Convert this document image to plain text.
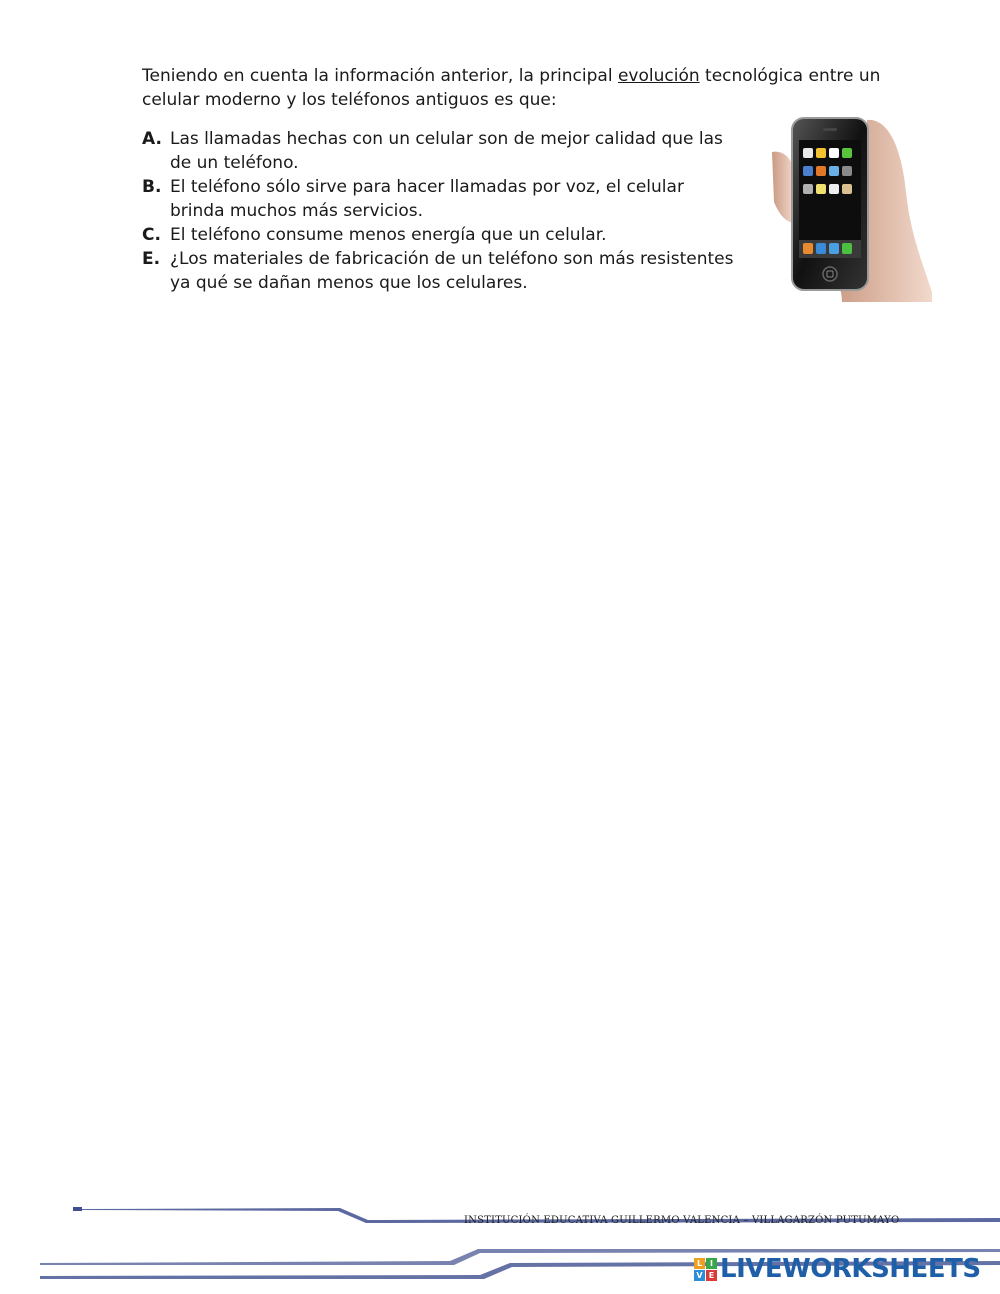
Teniendo en cuenta la información anterior, la principal evolución tecnológica entre un celular moderno y los teléfonos antiguos es que:

A. Las llamadas hechas con un celular son de mejor calidad que las de un teléfono.
B. El teléfono sólo sirve para hacer llamadas por voz, el celular brinda muchos más servicios.
C. El teléfono consume menos energía que un celular.
E. ¿Los materiales de fabricación de un teléfono son más resistentes ya qué se dañan menos que los celulares.
INSTITUCIÓN EDUCATIVA GUILLERMO VALENCIA – VILLAGARZÓN PUTUMAYO
L I
V E LIVEWORKSHEETS
